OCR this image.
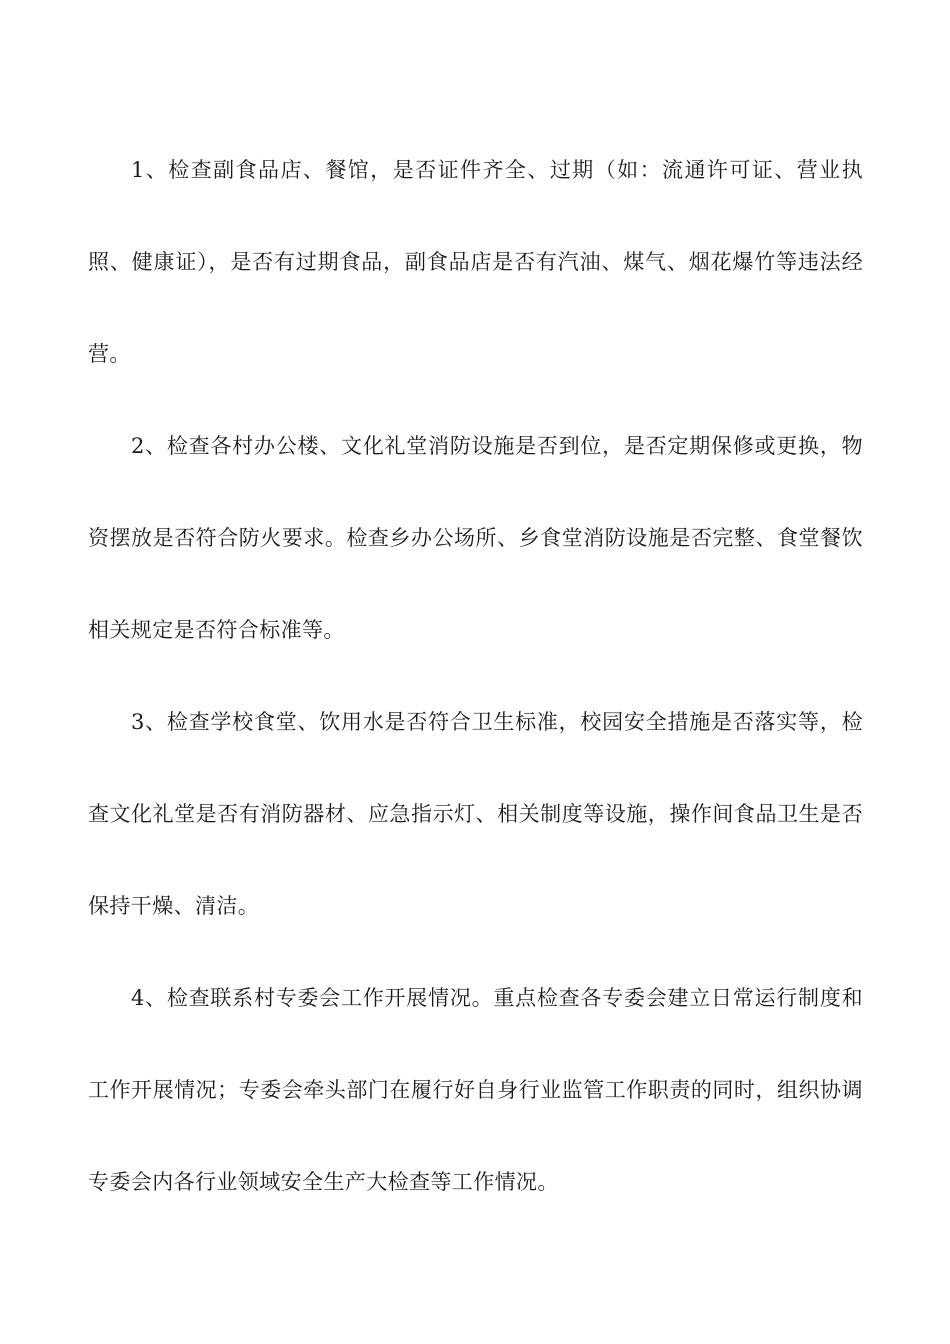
1、检查副食品店、餐馆，是否证件齐全、过期（如：流通许可证、营业执照、健康证），是否有过期食品，副食品店是否有汽油、煤气、烟花爆竹等违法经营。

2、检查各村办公楼、文化礼堂消防设施是否到位，是否定期保修或更换，物资摆放是否符合防火要求。检查乡办公场所、乡食堂消防设施是否完整、食堂餐饮相关规定是否符合标准等。

3、检查学校食堂、饮用水是否符合卫生标准，校园安全措施是否落实等，检查文化礼堂是否有消防器材、应急指示灯、相关制度等设施，操作间食品卫生是否保持干燥、清洁。

4、检查联系村专委会工作开展情况。重点检查各专委会建立日常运行制度和工作开展情况；专委会牵头部门在履行好自身行业监管工作职责的同时，组织协调专委会内各行业领域安全生产大检查等工作情况。
